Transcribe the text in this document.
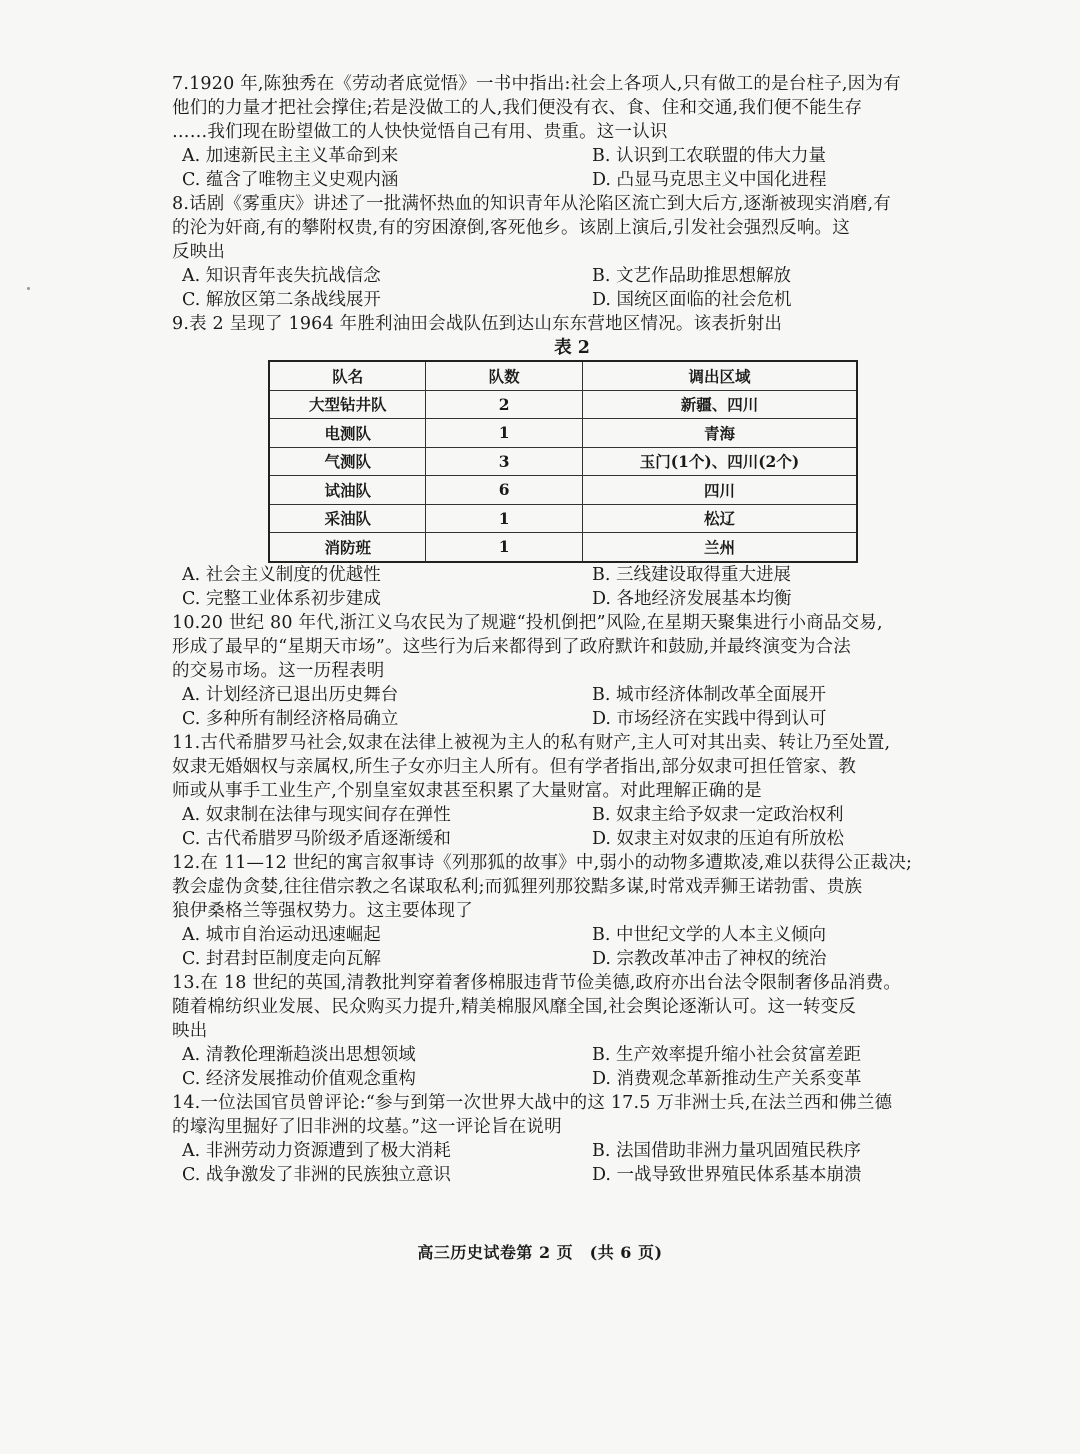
7.1920 年,陈独秀在《劳动者底觉悟》一书中指出:社会上各项人,只有做工的是台柱子,因为有
他们的力量才把社会撑住;若是没做工的人,我们便没有衣、食、住和交通,我们便不能生存
……我们现在盼望做工的人快快觉悟自己有用、贵重。这一认识
A. 加速新民主主义革命到来	B. 认识到工农联盟的伟大力量
C. 蕴含了唯物主义史观内涵	D. 凸显马克思主义中国化进程
8.话剧《雾重庆》讲述了一批满怀热血的知识青年从沦陷区流亡到大后方,逐渐被现实消磨,有
的沦为奸商,有的攀附权贵,有的穷困潦倒,客死他乡。该剧上演后,引发社会强烈反响。这
反映出
A. 知识青年丧失抗战信念	B. 文艺作品助推思想解放
C. 解放区第二条战线展开	D. 国统区面临的社会危机
9.表 2 呈现了 1964 年胜利油田会战队伍到达山东东营地区情况。该表折射出
表 2
队名	队数	调出区域
大型钻井队	2	新疆、四川
电测队	1	青海
气测队	3	玉门(1个)、四川(2个)
试油队	6	四川
采油队	1	松辽
消防班	1	兰州
A. 社会主义制度的优越性	B. 三线建设取得重大进展
C. 完整工业体系初步建成	D. 各地经济发展基本均衡
10.20 世纪 80 年代,浙江义乌农民为了规避“投机倒把”风险,在星期天聚集进行小商品交易,
形成了最早的“星期天市场”。这些行为后来都得到了政府默许和鼓励,并最终演变为合法
的交易市场。这一历程表明
A. 计划经济已退出历史舞台	B. 城市经济体制改革全面展开
C. 多种所有制经济格局确立	D. 市场经济在实践中得到认可
11.古代希腊罗马社会,奴隶在法律上被视为主人的私有财产,主人可对其出卖、转让乃至处置,
奴隶无婚姻权与亲属权,所生子女亦归主人所有。但有学者指出,部分奴隶可担任管家、教
师或从事手工业生产,个别皇室奴隶甚至积累了大量财富。对此理解正确的是
A. 奴隶制在法律与现实间存在弹性	B. 奴隶主给予奴隶一定政治权利
C. 古代希腊罗马阶级矛盾逐渐缓和	D. 奴隶主对奴隶的压迫有所放松
12.在 11—12 世纪的寓言叙事诗《列那狐的故事》中,弱小的动物多遭欺凌,难以获得公正裁决;
教会虚伪贪婪,往往借宗教之名谋取私利;而狐狸列那狡黠多谋,时常戏弄狮王诺勃雷、贵族
狼伊桑格兰等强权势力。这主要体现了
A. 城市自治运动迅速崛起	B. 中世纪文学的人本主义倾向
C. 封君封臣制度走向瓦解	D. 宗教改革冲击了神权的统治
13.在 18 世纪的英国,清教批判穿着奢侈棉服违背节俭美德,政府亦出台法令限制奢侈品消费。
随着棉纺织业发展、民众购买力提升,精美棉服风靡全国,社会舆论逐渐认可。这一转变反
映出
A. 清教伦理渐趋淡出思想领域	B. 生产效率提升缩小社会贫富差距
C. 经济发展推动价值观念重构	D. 消费观念革新推动生产关系变革
14.一位法国官员曾评论:“参与到第一次世界大战中的这 17.5 万非洲士兵,在法兰西和佛兰德
的壕沟里掘好了旧非洲的坟墓。”这一评论旨在说明
A. 非洲劳动力资源遭到了极大消耗	B. 法国借助非洲力量巩固殖民秩序
C. 战争激发了非洲的民族独立意识	D. 一战导致世界殖民体系基本崩溃
高三历史试卷第 2 页　(共 6 页)
